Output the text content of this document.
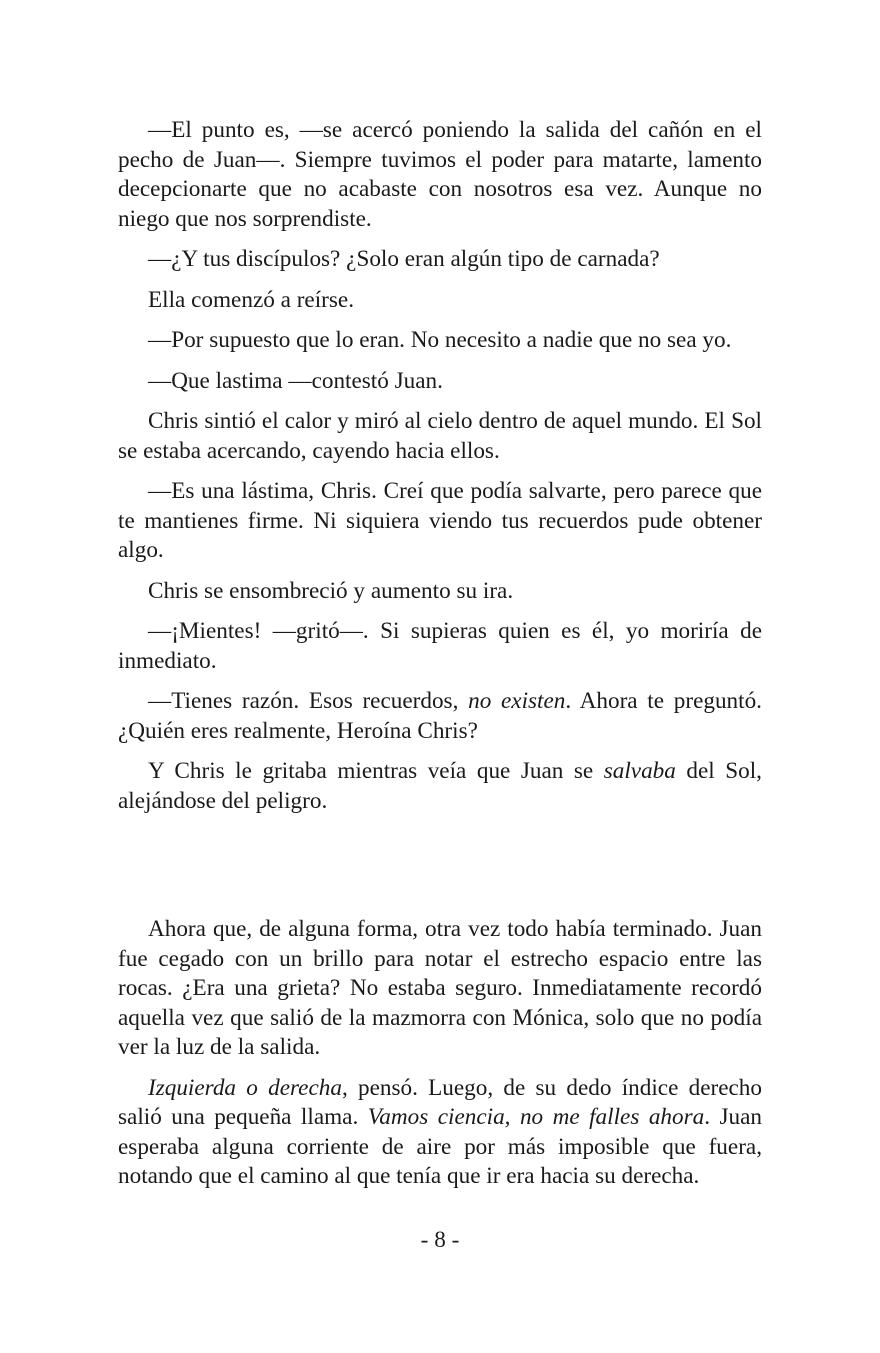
—El punto es, —se acercó poniendo la salida del cañón en el pecho de Juan—. Siempre tuvimos el poder para matarte, lamento decepcionarte que no acabaste con nosotros esa vez. Aunque no niego que nos sorprendiste.

—¿Y tus discípulos? ¿Solo eran algún tipo de carnada?

Ella comenzó a reírse.

—Por supuesto que lo eran. No necesito a nadie que no sea yo.

—Que lastima —contestó Juan.

Chris sintió el calor y miró al cielo dentro de aquel mundo. El Sol se estaba acercando, cayendo hacia ellos.

—Es una lástima, Chris. Creí que podía salvarte, pero parece que te mantienes firme. Ni siquiera viendo tus recuerdos pude obtener algo.

Chris se ensombreció y aumento su ira.

—¡Mientes! —gritó—. Si supieras quien es él, yo moriría de inmediato.

—Tienes razón. Esos recuerdos, no existen. Ahora te preguntó. ¿Quién eres realmente, Heroína Chris?

Y Chris le gritaba mientras veía que Juan se salvaba del Sol, alejándose del peligro.

Ahora que, de alguna forma, otra vez todo había terminado. Juan fue cegado con un brillo para notar el estrecho espacio entre las rocas. ¿Era una grieta? No estaba seguro. Inmediatamente recordó aquella vez que salió de la mazmorra con Mónica, solo que no podía ver la luz de la salida.

Izquierda o derecha, pensó. Luego, de su dedo índice derecho salió una pequeña llama. Vamos ciencia, no me falles ahora. Juan esperaba alguna corriente de aire por más imposible que fuera, notando que el camino al que tenía que ir era hacia su derecha.

- 8 -
